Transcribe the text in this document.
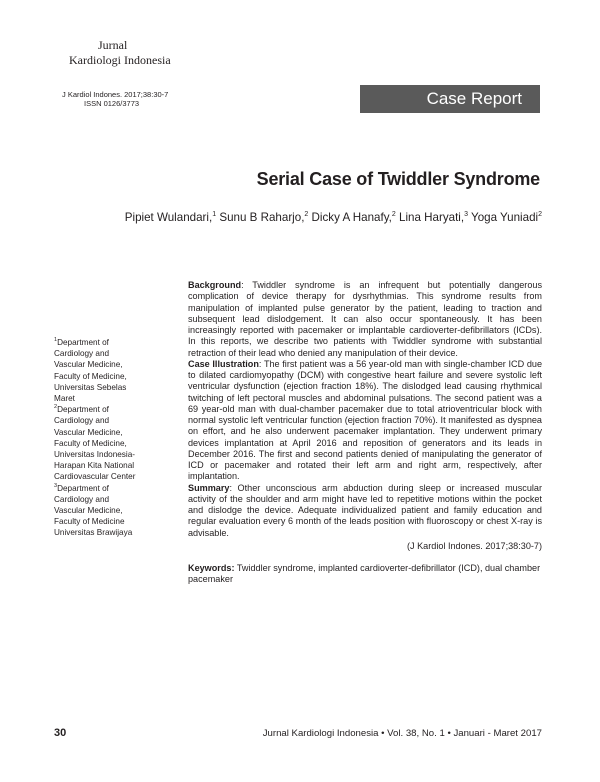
Jurnal
Kardiologi Indonesia
J Kardiol Indones. 2017;38:30-7
ISSN 0126/3773	Case Report
Serial Case of Twiddler Syndrome
Pipiet Wulandari,$^1$ Sunu B Raharjo,$^2$ Dicky A Hanafy,$^2$ Lina Haryati,$^3$ Yoga Yuniadi$^2$
$^1$Department of
Cardiology and
Vascular Medicine,
Faculty of Medicine,
Universitas Sebelas
Maret
$^2$Department of
Cardiology and
Vascular Medicine,
Faculty of Medicine,
Universitas Indonesia-
Harapan Kita National
Cardiovascular Center
$^3$Department of
Cardiology and
Vascular Medicine,
Faculty of Medicine
Universitas Brawijaya

Background: Twiddler syndrome is an infrequent but potentially dangerous complication of device therapy for dysrhythmias. This syndrome results from manipulation of implanted pulse generator by the patient, leading to traction and subsequent lead dislodgement. It can also occur spontaneously. It has been increasingly reported with pacemaker or implantable cardioverter-defibrillators (ICDs). In this reports, we describe two patients with Twiddler syndrome with substantial retraction of their lead who denied any manipulation of their device.

Case Illustration: The first patient was a 56 year-old man with single-chamber ICD due to dilated cardiomyopathy (DCM) with congestive heart failure and severe systolic left ventricular dysfunction (ejection fraction 18%). The dislodged lead causing rhythmical twitching of left pectoral muscles and abdominal pulsations. The second patient was a 69 year-old man with dual-chamber pacemaker due to total atrioventricular block with normal systolic left ventricular function (ejection fraction 70%). It manifested as dyspnea on effort, and he also underwent pacemaker implantation. They underwent primary devices implantation at April 2016 and reposition of generators and its leads in December 2016. The first and second patients denied of manipulating the generator of ICD or pacemaker and rotated their left arm and right arm, respectively, after implantation.

Summary: Other unconscious arm abduction during sleep or increased muscular activity of the shoulder and arm might have led to repetitive motions within the pocket and dislodge the device. Adequate individualized patient and family education and regular evaluation every 6 month of the leads position with fluoroscopy or chest X-ray is advisable.

(J Kardiol Indones. 2017;38:30-7)
Keywords: Twiddler syndrome, implanted cardioverter-defibrillator (ICD), dual chamber pacemaker
30	Jurnal Kardiologi Indonesia • Vol. 38, No. 1 • Januari - Maret 2017
